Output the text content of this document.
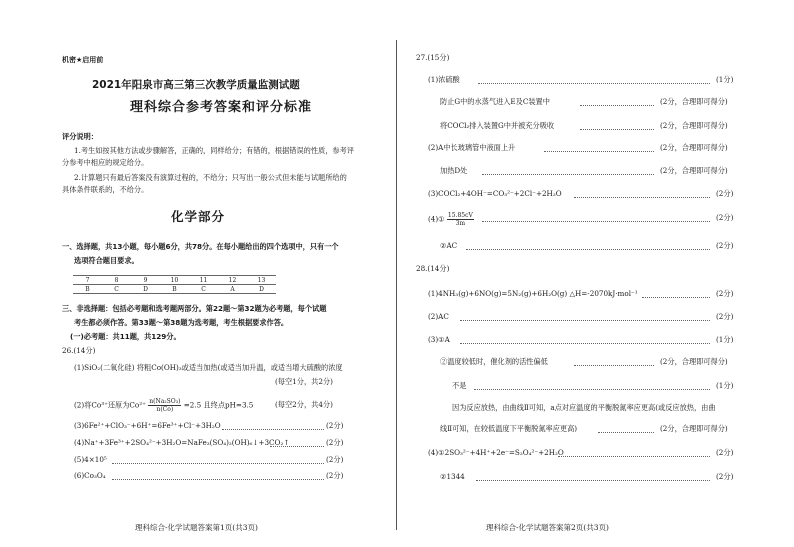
机密★启用前
2021年阳泉市高三第三次教学质量监测试题
理科综合参考答案和评分标准
评分说明：
1.考生如按其他方法或步骤解答，正确的，同样给分；有错的，根据错误的性质，参考评
分参考中相应的规定给分。
2.计算题只有最后答案没有演算过程的，不给分；只写出一般公式但未能与试题所给的
具体条件联系的，不给分。
化学部分
一、选择题，共13小题，每小题6分，共78分。在每小题给出的四个选项中，只有一个
选项符合题目要求。
7	8	9	10	11	12	13
B	C	D	B	C	A	D
三、非选择题：包括必考题和选考题两部分。第22题～第32题为必考题，每个试题
考生都必须作答。第33题～第38题为选考题，考生根据要求作答。
(一)必考题：共11题，共129分。
26.(14分)
(1)SiO₂(二氧化硅) 将粗Co(OH)₃或适当加热(或适当加升温，或适当增大硫酸的浓度
(每空1分，共2分)
(2)将Co³⁺还原为$Co^{2+} \frac{\text{n(Na₂SO₃)}}{n(Co)} =2.5$ 且终点pH=3.5	(每空2分，共4分)
(3)6Fe²⁺+ClO₃⁻+6H⁺=6Fe³⁺+Cl⁻+3H₂O	(2分)
(4)Na⁺+3Fe³⁺+2SO₄²⁻+3H₂O=NaFe₃(SO₄)₂(OH)₆↓+3CO₂↑	(2分)
(5)4×10⁵	(2分)
(6)Co₃O₄	(2分)
理科综合-化学试题答案第1页(共3页)
27.(15分)
(1)浓硫酸	(1分)
防止G中的水蒸气进入E及C装置中	(2分，合理即可得分)
将COCl₂排入装置G中并被充分吸收	(2分，合理即可得分)
(2)A中长玻璃管中液面上升	(2分，合理即可得分)
加热D处	(2分，合理即可得分)
(3)COCl₂+4OH⁻=CO₃²⁻+2Cl⁻+2H₂O	(2分)
(4)① $\frac{15.85cV}{3m}$	(2分)
②AC	(2分)
28.(14分)
(1)4NH₃(g)+6NO(g)=5N₂(g)+6H₂O(g) △H=-2070kJ·mol⁻¹	(2分)
(2)AC	(2分)
(3)①A	(1分)
②温度较低时，催化剂的活性偏低	(2分，合理即可得分)
不是	(1分)
因为反应放热，由曲线Ⅱ可知，a点对应温度的平衡脱氮率应更高(或反应放热，由曲
线Ⅱ可知，在较低温度下平衡脱氮率应更高)	(2分，合理即可得分)
(4)①2SO₃²⁻+4H⁺+2e⁻=S₂O₄²⁻+2H₂O	(2分)
②1344	(2分)
理科综合-化学试题答案第2页(共3页)
